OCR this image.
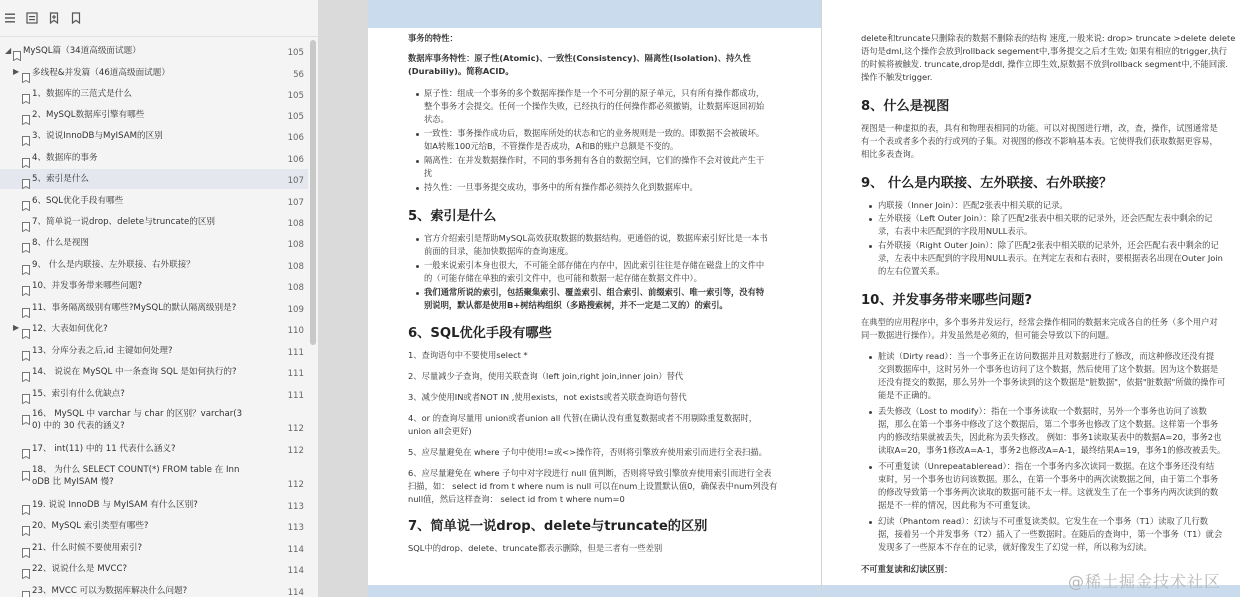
◢ MySQL篇（34道高级面试题）	105
▶ 多线程&并发篇（46道高级面试题）	56
1、数据库的三范式是什么	105
2、MySQL数据库引擎有哪些	105
3、说说InnoDB与MyISAM的区别	106
4、数据库的事务	106
5、索引是什么	107
6、SQL优化手段有哪些	107
7、简单说一说drop、delete与truncate的区别	108
8、什么是视图	108
9、 什么是内联接、左外联接、右外联接？	108
10、并发事务带来哪些问题?	108
11、事务隔离级别有哪些?MySQL的默认隔离级别是?	109
▶ 12、大表如何优化?	110
13、分库分表之后,id 主键如何处理?	111
14、 说说在 MySQL 中一条查询 SQL 是如何执行的?	111
15、索引有什么优缺点?	111
16、 MySQL 中 varchar 与 char 的区别？varchar(3
0) 中的 30 代表的涵义?	112
17、 int(11) 中的 11 代表什么涵义?	112
18、 为什么 SELECT COUNT(*) FROM table 在 Inn
oDB 比 MyISAM 慢?	112
19. 说说 InnoDB 与 MyISAM 有什么区别?	113
20、MySQL 索引类型有哪些?	113
21、什么时候不要使用索引?	114
22、说说什么是 MVCC?	114
23、MVCC 可以为数据库解决什么问题?	114
事务的特性：
数据库事务特性：原子性(Atomic)、一致性(Consistency)、隔离性(Isolation)、持久性(Durabiliy)。简称ACID。
原子性：组成一个事务的多个数据库操作是一个不可分割的原子单元，只有所有操作都成功，
整个事务才会提交。任何一个操作失败，已经执行的任何操作都必须撤销，让数据库返回初始
状态。
一致性：事务操作成功后，数据库所处的状态和它的业务规则是一致的。即数据不会被破坏。
如A转账100元给B，不管操作是否成功，A和B的账户总额是不变的。
隔离性：在并发数据操作时，不同的事务拥有各自的数据空间，它们的操作不会对彼此产生干
扰
持久性：一旦事务提交成功，事务中的所有操作都必须持久化到数据库中。
5、索引是什么
官方介绍索引是帮助MySQL高效获取数据的数据结构。更通俗的说，数据库索引好比是一本书
前面的目录，能加快数据库的查询速度。
一般来说索引本身也很大，不可能全部存储在内存中，因此索引往往是存储在磁盘上的文件中
的（可能存储在单独的索引文件中，也可能和数据一起存储在数据文件中）。
我们通常所说的索引，包括聚集索引、覆盖索引、组合索引、前缀索引、唯一索引等，没有特
别说明，默认都是使用B+树结构组织（多路搜索树，并不一定是二叉的）的索引。
6、SQL优化手段有哪些
1、查询语句中不要使用select *
2、尽量减少子查询，使用关联查询（left join,right join,inner join）替代
3、减少使用IN或者NOT IN ,使用exists，not exists或者关联查询语句替代
4、or 的查询尽量用 union或者union all 代替(在确认没有重复数据或者不用剔除重复数据时，
union all会更好)
5、应尽量避免在 where 子句中使用!=或<>操作符，否则将引擎放弃使用索引而进行全表扫描。
6、应尽量避免在 where 子句中对字段进行 null 值判断，否则将导致引擎放弃使用索引而进行全表
扫描，如： select id from t where num is null 可以在num上设置默认值0，确保表中num列没有
null值，然后这样查询： select id from t where num=0
7、简单说一说drop、delete与truncate的区别
SQL中的drop、delete、truncate都表示删除，但是三者有一些差别
delete和truncate只删除表的数据不删除表的结构 速度,一般来说: drop> truncate >delete delete
语句是dml,这个操作会放到rollback segement中,事务提交之后才生效; 如果有相应的trigger,执行
的时候将被触发. truncate,drop是ddl, 操作立即生效,原数据不放到rollback segment中,不能回滚.
操作不触发trigger.
8、什么是视图
视图是一种虚拟的表，具有和物理表相同的功能。可以对视图进行增，改，查，操作，试图通常是
有一个表或者多个表的行或列的子集。对视图的修改不影响基本表。它使得我们获取数据更容易，
相比多表查询。
9、 什么是内联接、左外联接、右外联接？
内联接（Inner Join）：匹配2张表中相关联的记录。
左外联接（Left Outer Join）：除了匹配2张表中相关联的记录外，还会匹配左表中剩余的记
录，右表中未匹配到的字段用NULL表示。
右外联接（Right Outer Join）：除了匹配2张表中相关联的记录外，还会匹配右表中剩余的记
录，左表中未匹配到的字段用NULL表示。在判定左表和右表时，要根据表名出现在Outer Join
的左右位置关系。
10、并发事务带来哪些问题?
在典型的应用程序中，多个事务并发运行，经常会操作相同的数据来完成各自的任务（多个用户对
同一数据进行操作）。并发虽然是必须的，但可能会导致以下的问题。
脏读（Dirty read）：当一个事务正在访问数据并且对数据进行了修改，而这种修改还没有提
交到数据库中，这时另外一个事务也访问了这个数据，然后使用了这个数据。因为这个数据是
还没有提交的数据，那么另外一个事务读到的这个数据是"脏数据"，依据"脏数据"所做的操作可
能是不正确的。
丢失修改（Lost to modify）：指在一个事务读取一个数据时，另外一个事务也访问了该数
据，那么在第一个事务中修改了这个数据后，第二个事务也修改了这个数据。这样第一个事务
内的修改结果就被丢失，因此称为丢失修改。 例如：事务1读取某表中的数据A=20，事务2也
读取A=20，事务1修改A=A-1，事务2也修改A=A-1，最终结果A=19，事务1的修改被丢失。
不可重复读（Unrepeatableread）：指在一个事务内多次读同一数据。在这个事务还没有结
束时，另一个事务也访问该数据。那么，在第一个事务中的两次读数据之间，由于第二个事务
的修改导致第一个事务两次读取的数据可能不太一样。这就发生了在一个事务内两次读到的数
据是不一样的情况，因此称为不可重复读。
幻读（Phantom read）：幻读与不可重复读类似。它发生在一个事务（T1）读取了几行数
据，接着另一个并发事务（T2）插入了一些数据时。在随后的查询中，第一个事务（T1）就会
发现多了一些原本不存在的记录，就好像发生了幻觉一样，所以称为幻读。
不可重复读和幻读区别：
@稀土掘金技术社区
